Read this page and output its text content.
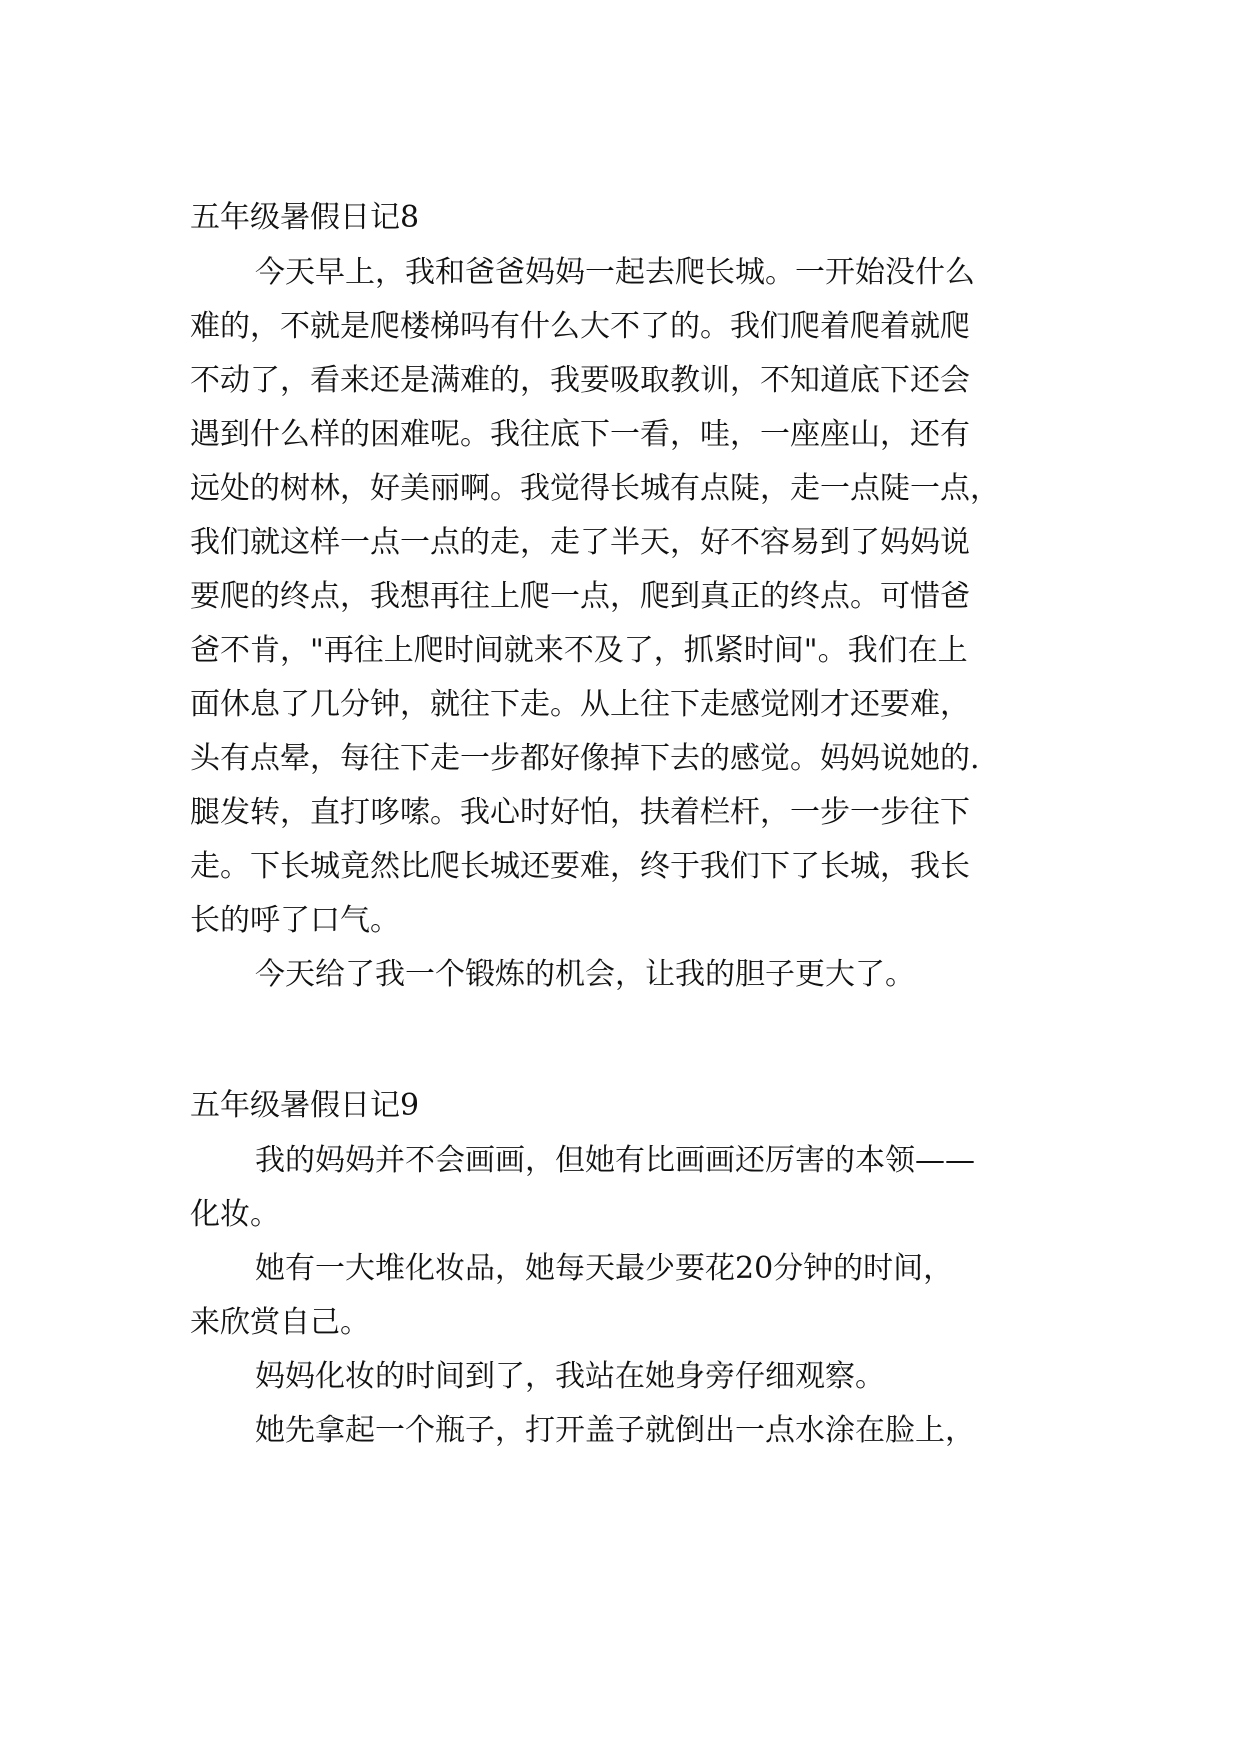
五年级暑假日记8
今天早上，我和爸爸妈妈一起去爬长城。一开始没什么
难的，不就是爬楼梯吗有什么大不了的。我们爬着爬着就爬
不动了，看来还是满难的，我要吸取教训，不知道底下还会
遇到什么样的困难呢。我往底下一看，哇，一座座山，还有
远处的树林，好美丽啊。我觉得长城有点陡，走一点陡一点，
我们就这样一点一点的走，走了半天，好不容易到了妈妈说
要爬的终点，我想再往上爬一点，爬到真正的终点。可惜爸
爸不肯，"再往上爬时间就来不及了，抓紧时间"。我们在上
面休息了几分钟，就往下走。从上往下走感觉刚才还要难，
头有点晕，每往下走一步都好像掉下去的感觉。妈妈说她的.
腿发转，直打哆嗦。我心时好怕，扶着栏杆，一步一步往下
走。下长城竟然比爬长城还要难，终于我们下了长城，我长
长的呼了口气。
今天给了我一个锻炼的机会，让我的胆子更大了。
五年级暑假日记9
我的妈妈并不会画画，但她有比画画还厉害的本领——
化妆。
她有一大堆化妆品，她每天最少要花20分钟的时间，
来欣赏自己。
妈妈化妆的时间到了，我站在她身旁仔细观察。
她先拿起一个瓶子，打开盖子就倒出一点水涂在脸上，
